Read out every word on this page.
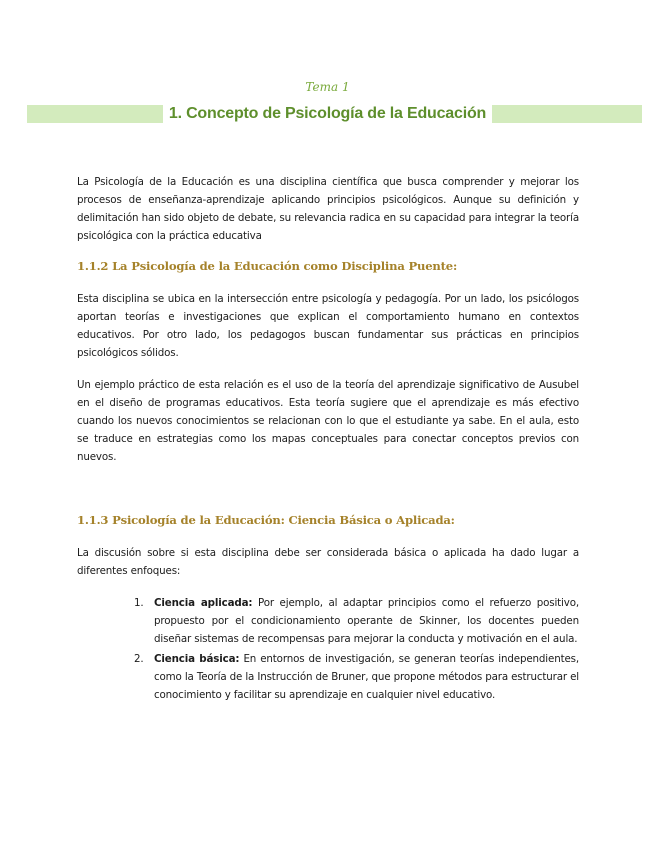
Tema 1
1. Concepto de Psicología de la Educación

La Psicología de la Educación es una disciplina científica que busca comprender y mejorar los procesos de enseñanza-aprendizaje aplicando principios psicológicos. Aunque su definición y delimitación han sido objeto de debate, su relevancia radica en su capacidad para integrar la teoría psicológica con la práctica educativa

1.1.2 La Psicología de la Educación como Disciplina Puente:

Esta disciplina se ubica en la intersección entre psicología y pedagogía. Por un lado, los psicólogos aportan teorías e investigaciones que explican el comportamiento humano en contextos educativos. Por otro lado, los pedagogos buscan fundamentar sus prácticas en principios psicológicos sólidos.

Un ejemplo práctico de esta relación es el uso de la teoría del aprendizaje significativo de Ausubel en el diseño de programas educativos. Esta teoría sugiere que el aprendizaje es más efectivo cuando los nuevos conocimientos se relacionan con lo que el estudiante ya sabe. En el aula, esto se traduce en estrategias como los mapas conceptuales para conectar conceptos previos con nuevos.

1.1.3 Psicología de la Educación: Ciencia Básica o Aplicada:

La discusión sobre si esta disciplina debe ser considerada básica o aplicada ha dado lugar a diferentes enfoques:

1. Ciencia aplicada: Por ejemplo, al adaptar principios como el refuerzo positivo, propuesto por el condicionamiento operante de Skinner, los docentes pueden diseñar sistemas de recompensas para mejorar la conducta y motivación en el aula.
2. Ciencia básica: En entornos de investigación, se generan teorías independientes, como la Teoría de la Instrucción de Bruner, que propone métodos para estructurar el conocimiento y facilitar su aprendizaje en cualquier nivel educativo.
